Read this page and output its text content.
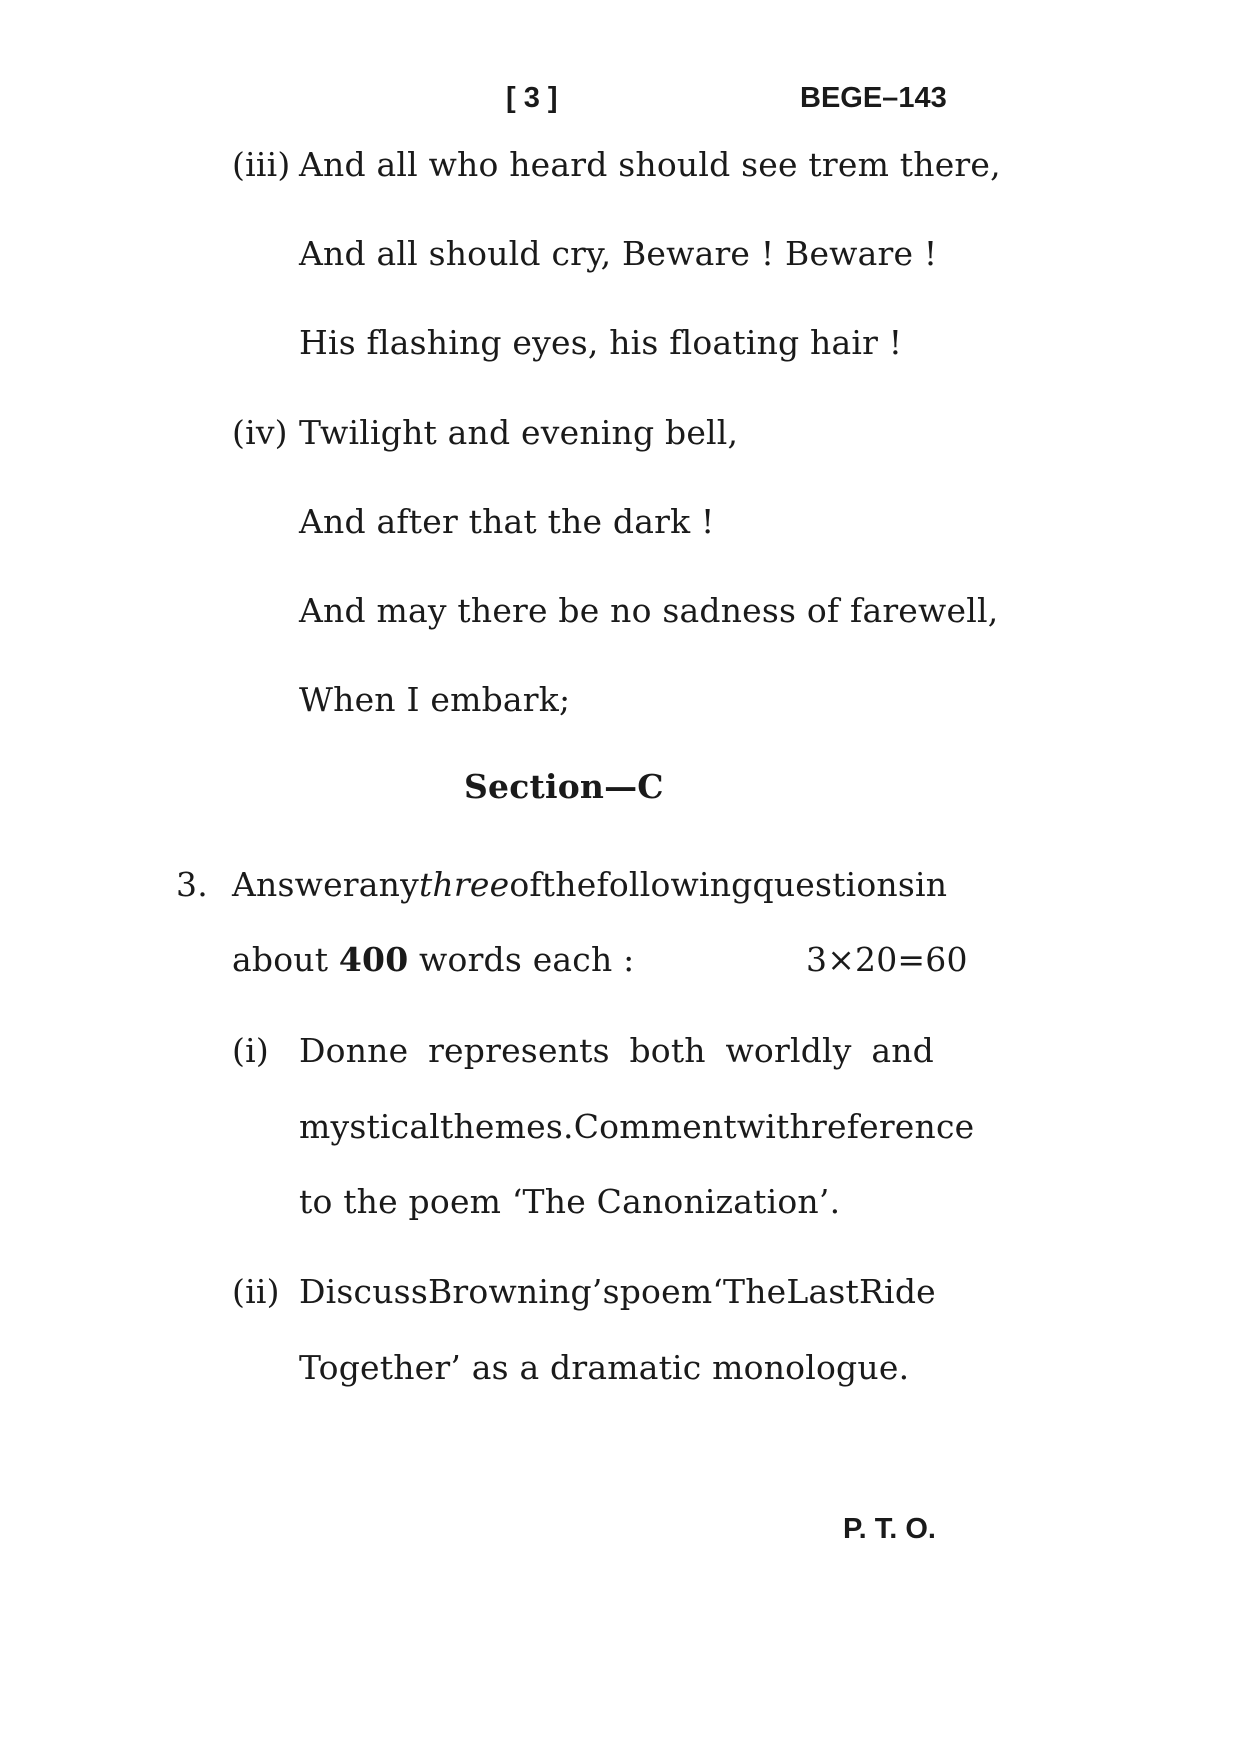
[ 3 ]	BEGE–143
(iii) And all who heard should see trem there,
And all should cry, Beware ! Beware !
His flashing eyes, his floating hair !
(iv) Twilight and evening bell,
And after that the dark !
And may there be no sadness of farewell,
When I embark;
Section—C
3. Answer any three of the following questions in
about 400 words each :	3×20=60
(i) Donne represents both worldly and
mystical themes. Comment with reference
to the poem ‘The Canonization’.
(ii) Discuss Browning’s poem ‘The Last Ride
Together’ as a dramatic monologue.
P. T. O.
